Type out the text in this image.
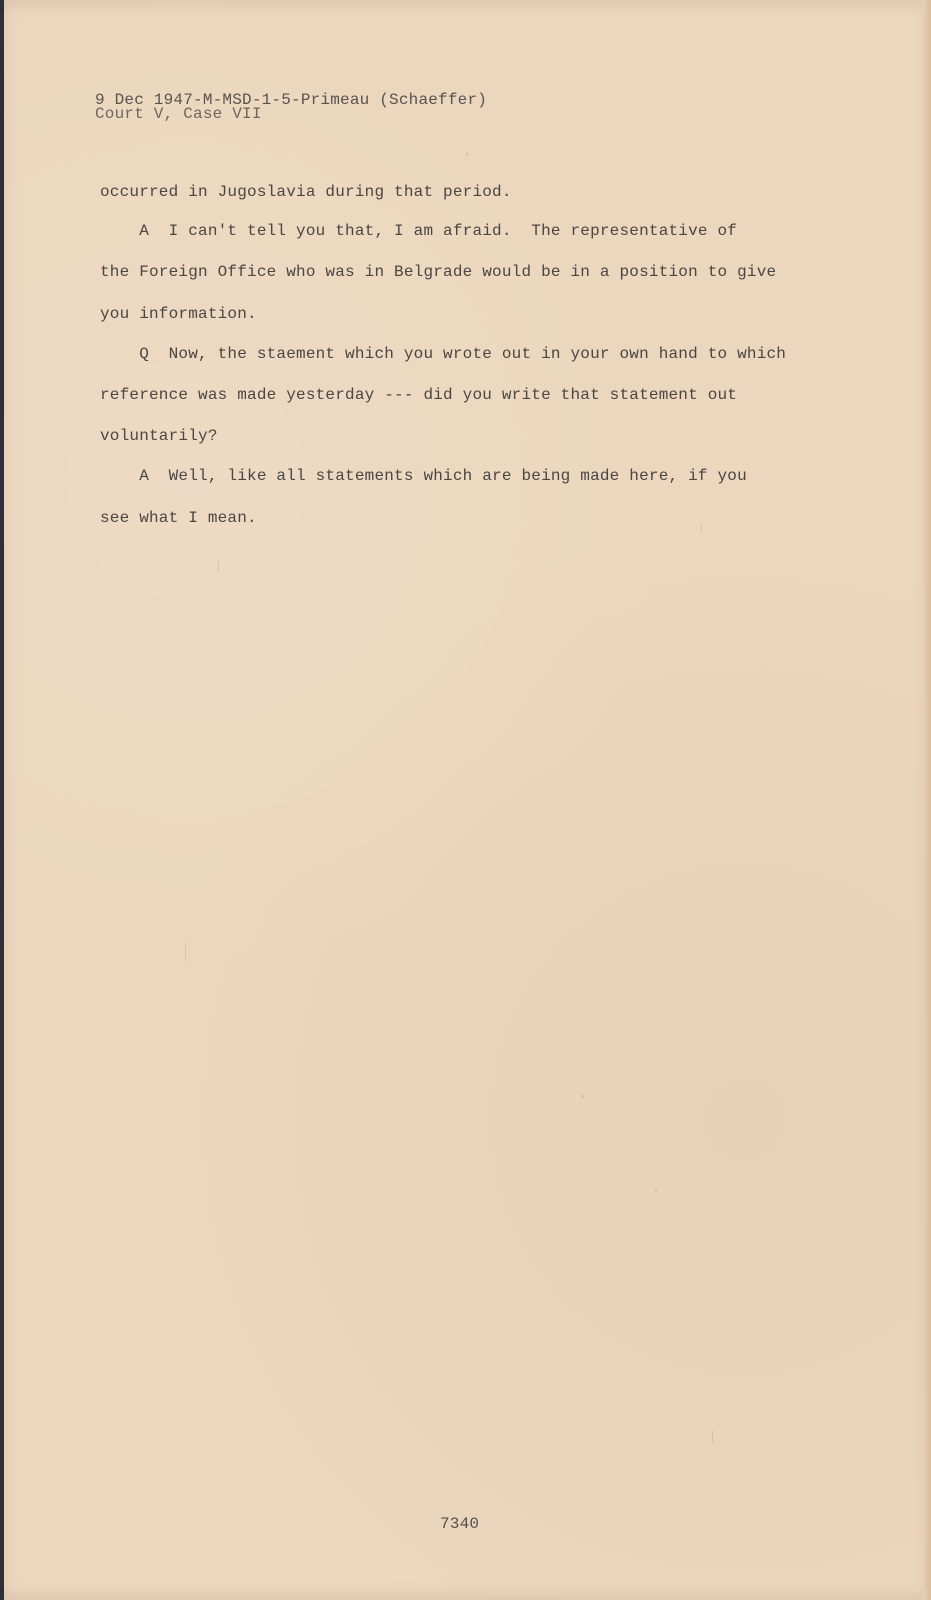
9 Dec 1947-M-MSD-1-5-Primeau (Schaeffer)
Court V, Case VII
occurred in Jugoslavia during that period.
A  I can't tell you that, I am afraid.  The representative of
the Foreign Office who was in Belgrade would be in a position to give
you information.
Q  Now, the staement which you wrote out in your own hand to which
reference was made yesterday --- did you write that statement out
voluntarily?
A  Well, like all statements which are being made here, if you
see what I mean.
7340
